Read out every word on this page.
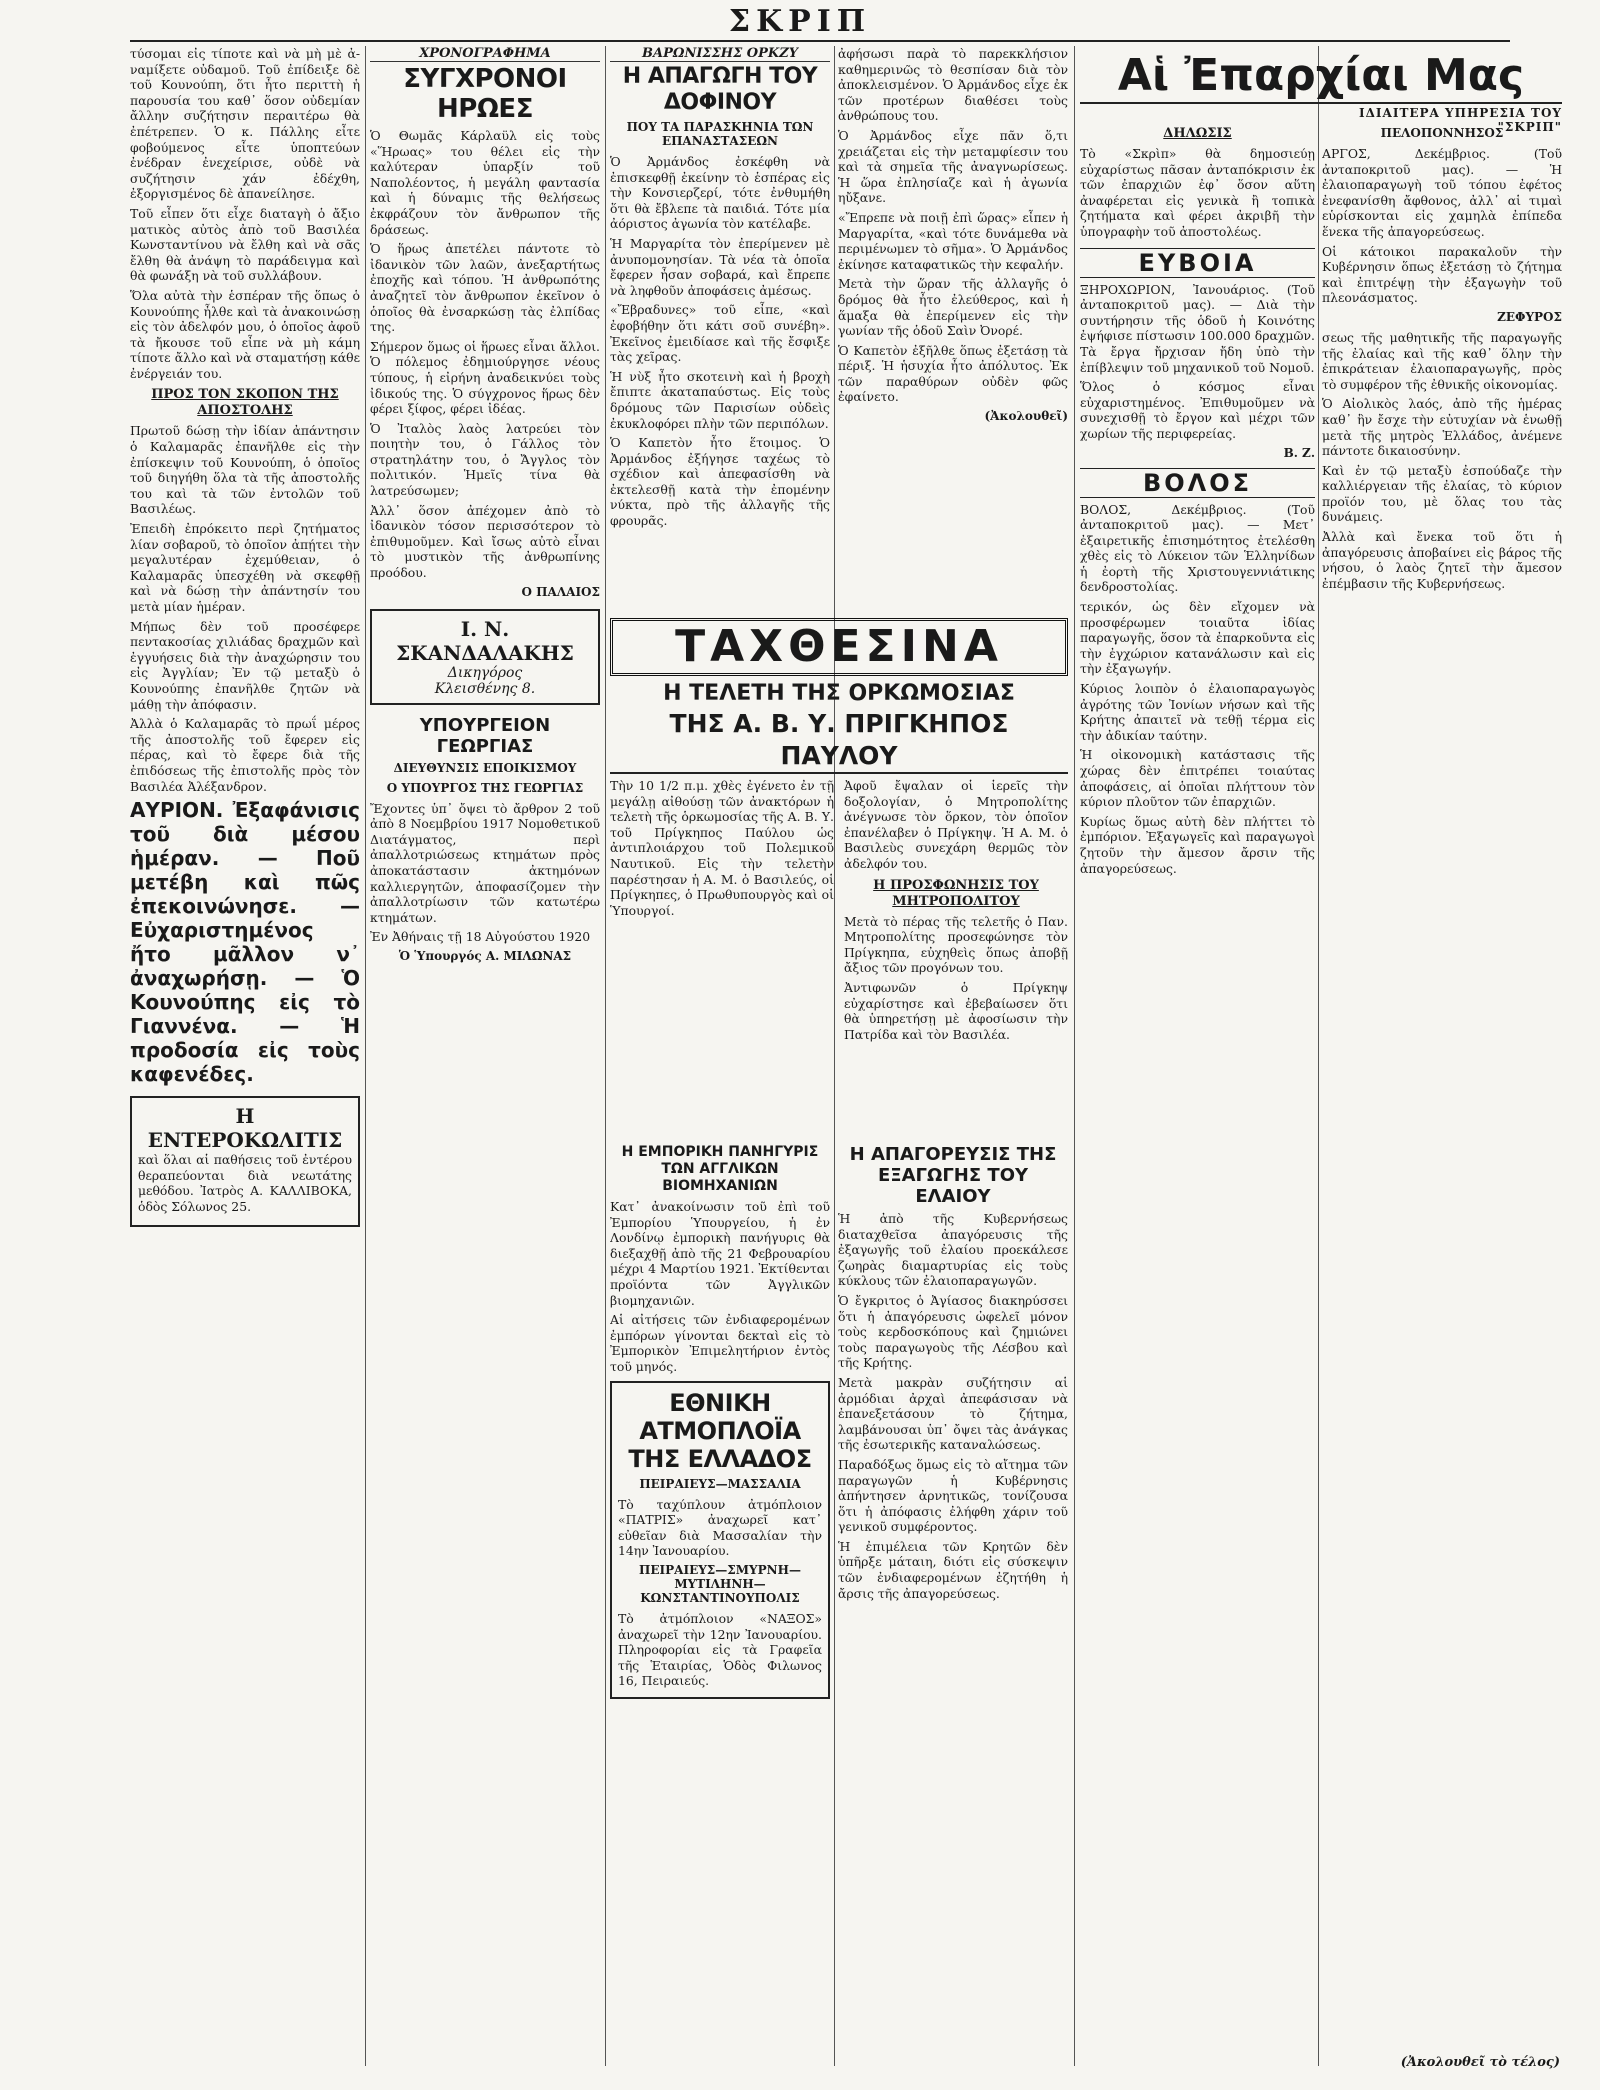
ΣΚΡΙΠ

τύσομαι εἰς τίποτε καὶ νὰ μὴ μὲ ἀ-ναμίξετε οὐδαμοῦ. Τοῦ ἐπίδειξε δὲ τοῦ Κουνούπη, ὅτι ἦτο περιττὴ ἡ παρουσία του καθ᾽ ὅσον οὐδεμίαν ἄλλην συζήτησιν περαιτέρω θὰ ἐπέτρεπεν. Ὁ κ. Πάλλης εἶτε φοβούμενος εἶτε ὑποπτεύων ἐνέδραν ἐνεχείρισε, οὐδὲ νὰ συζήτησιν χάν ἐδέχθη, ἐξοργισμένος δὲ ἀπανείλησε.

Τοῦ εἶπεν ὅτι εἶχε διαταγὴ ὁ ἄξιο ματικὸς αὐτὸς ἀπὸ τοῦ Βασιλέα Κωνσταντίνου νὰ ἔλθη καὶ νὰ σᾶς ἔλθη θὰ ἀνάψη τὸ παράδειγμα καὶ θὰ φωνάξη νὰ τοῦ συλλάβουν.

Ὅλα αὐτὰ τὴν ἑσπέραν τῆς ὅπως ὁ Κουνούπης ἦλθε καὶ τὰ ἀνακοινώσῃ εἰς τὸν ἀδελφόν μου, ὁ ὁποῖος ἀφοῦ τὰ ἤκουσε τοῦ εἶπε νὰ μὴ κάμη τίποτε ἄλλο καὶ νὰ σταματήσῃ κάθε ἐνέργειάν του.

ΠΡΟΣ ΤΟΝ ΣΚΟΠΟΝ ΤΗΣ ΑΠΟΣΤΟΛΗΣ

Πρωτοῦ δώσῃ τὴν ἰδίαν ἀπάντησιν ὁ Καλαμαρᾶς ἐπανῆλθε εἰς τὴν ἐπίσκεψιν τοῦ Κουνούπη, ὁ ὁποῖος τοῦ διηγήθη ὅλα τὰ τῆς ἀποστολῆς του καὶ τὰ τῶν ἐντολῶν τοῦ Βασιλέως.

Ἐπειδὴ ἐπρόκειτο περὶ ζητήματος λίαν σοβαροῦ, τὸ ὁποῖον ἀπῄτει τὴν μεγαλυτέραν ἐχεμύθειαν, ὁ Καλαμαρᾶς ὑπεσχέθη νὰ σκεφθῇ καὶ νὰ δώσῃ τὴν ἀπάντησίν του μετὰ μίαν ἡμέραν.

Μήπως δὲν τοῦ προσέφερε πεντακοσίας χιλιάδας δραχμῶν καὶ ἐγγυήσεις διὰ τὴν ἀναχώρησιν του εἰς Ἀγγλίαν; Ἐν τῷ μεταξὺ ὁ Κουνούπης ἐπανῆλθε ζητῶν νὰ μάθῃ τὴν ἀπόφασιν.

Ἀλλὰ ὁ Καλαμαρᾶς τὸ πρωΐ μέρος τῆς ἀποστολῆς τοῦ ἔφερεν εἰς πέρας, καὶ τὸ ἔφερε διὰ τῆς ἐπιδόσεως τῆς ἐπιστολῆς πρὸς τὸν Βασιλέα Ἀλέξανδρον.

ΑΥΡΙΟΝ. Ἐξαφάνισις τοῦ διὰ μέσου ἡμέραν. — Ποῦ μετέβη καὶ πῶς ἐπεκοινώνησε. — Εὐχαριστημένος ἤτο μᾶλλον ν᾽ ἀναχωρήσῃ. — Ὁ Κουνούπης εἰς τὸ Γιαννένα. — Ἡ προδοσία εἰς τοὺς καφενέδες.

Η ΕΝΤΕΡΟΚΩΛΙΤΙΣ

καὶ ὅλαι αἱ παθήσεις τοῦ ἐντέρου θεραπεύονται διὰ νεωτάτης μεθόδου. Ἰατρὸς Α. ΚΑΛΛΙΒΟΚΑ, ὁδὸς Σόλωνος 25.

ΧΡΟΝΟΓΡΑΦΗΜΑ
ΣΥΓΧΡΟΝΟΙ ΗΡΩΕΣ

Ὁ Θωμᾶς Κάρλαϋλ εἰς τοὺς «Ἥρωας» του θέλει εἰς τὴν καλύτεραν ὑπαρξίν τοῦ Ναπολέοντος, ἡ μεγάλη φαντασία καὶ ἡ δύναμις τῆς θελήσεως ἐκφράζουν τὸν ἄνθρωπον τῆς δράσεως.

Ὁ ἥρως ἀπετέλει πάντοτε τὸ ἰδανικὸν τῶν λαῶν, ἀνεξαρτήτως ἐποχῆς καὶ τόπου. Ἡ ἀνθρωπότης ἀναζητεῖ τὸν ἄνθρωπον ἐκεῖνον ὁ ὁποῖος θὰ ἐνσαρκώσῃ τὰς ἐλπίδας της.

Σήμερον ὅμως οἱ ἥρωες εἶναι ἄλλοι. Ὁ πόλεμος ἐδημιούργησε νέους τύπους, ἡ εἰρήνη ἀναδεικνύει τοὺς ἰδικούς της. Ὁ σύγχρονος ἥρως δὲν φέρει ξίφος, φέρει ἰδέας.

Ὁ Ἰταλὸς λαὸς λατρεύει τὸν ποιητὴν του, ὁ Γάλλος τὸν στρατηλάτην του, ὁ Ἄγγλος τὸν πολιτικόν. Ἡμεῖς τίνα θὰ λατρεύσωμεν;

Ἀλλ᾽ ὅσον ἀπέχομεν ἀπὸ τὸ ἰδανικὸν τόσον περισσότερον τὸ ἐπιθυμοῦμεν. Καὶ ἴσως αὐτὸ εἶναι τὸ μυστικὸν τῆς ἀνθρωπίνης προόδου.

Ο ΠΑΛΑΙΟΣ
Ι. Ν. ΣΚΑΝΔΑΛΑΚΗΣ
Δικηγόρος
Κλεισθένης 8.
ΥΠΟΥΡΓΕΙΟΝ ΓΕΩΡΓΙΑΣ
ΔΙΕΥΘΥΝΣΙΣ ΕΠΟΙΚΙΣΜΟΥ
Ο ΥΠΟΥΡΓΟΣ ΤΗΣ ΓΕΩΡΓΙΑΣ

Ἔχοντες ὑπ᾽ ὄψει τὸ ἄρθρον 2 τοῦ ἀπὸ 8 Νοεμβρίου 1917 Νομοθετικοῦ Διατάγματος, περὶ ἀπαλλοτριώσεως κτημάτων πρὸς ἀποκατάστασιν ἀκτημόνων καλλιεργητῶν, ἀποφασίζομεν τὴν ἀπαλλοτρίωσιν τῶν κατωτέρω κτημάτων.

Ἐν Ἀθήναις τῇ 18 Αὐγούστου 1920

Ὁ Ὑπουργός Α. ΜΙΛΩΝΑΣ
ΒΑΡΩΝΙΣΣΗΣ ΟΡΚΖΥ
Η ΑΠΑΓΩΓΗ ΤΟΥ ΔΟΦΙΝΟΥ
ΠΟΥ ΤΑ ΠΑΡΑΣΚΗΝΙΑ ΤΩΝ ΕΠΑΝΑΣΤΑΣΕΩΝ

Ὁ Ἀρμάνδος ἐσκέφθη νὰ ἐπισκεφθῇ ἐκείνην τὸ ἑσπέρας εἰς τὴν Κονσιερζερί, τότε ἐνθυμήθη ὅτι θὰ ἔβλεπε τὰ παιδιά. Τότε μία ἀόριστος ἀγωνία τὸν κατέλαβε.

Ἡ Μαργαρίτα τὸν ἐπερίμενεν μὲ ἀνυπομονησίαν. Τὰ νέα τὰ ὁποῖα ἔφερεν ἦσαν σοβαρά, καὶ ἔπρεπε νὰ ληφθοῦν ἀποφάσεις ἀμέσως.

«Ἔβραδυνες» τοῦ εἶπε, «καὶ ἐφοβήθην ὅτι κάτι σοῦ συνέβη». Ἐκεῖνος ἐμειδίασε καὶ τῆς ἔσφιξε τὰς χεῖρας.

Ἡ νὺξ ἦτο σκοτεινὴ καὶ ἡ βροχὴ ἔπιπτε ἀκαταπαύστως. Εἰς τοὺς δρόμους τῶν Παρισίων οὐδεὶς ἐκυκλοφόρει πλὴν τῶν περιπόλων.

Ὁ Καπετὸν ἦτο ἕτοιμος. Ὁ Ἀρμάνδος ἐξήγησε ταχέως τὸ σχέδιον καὶ ἀπεφασίσθη νὰ ἐκτελεσθῇ κατὰ τὴν ἐπομένην νύκτα, πρὸ τῆς ἀλλαγῆς τῆς φρουρᾶς.

ἀφήσωσι παρὰ τὸ παρεκκλήσιον καθημερινῶς τὸ θεσπίσαν διὰ τὸν ἀποκλεισμένον. Ὁ Ἀρμάνδος εἶχε ἐκ τῶν προτέρων διαθέσει τοὺς ἀνθρώπους του.

Ὁ Ἀρμάνδος εἶχε πᾶν ὅ,τι χρειάζεται εἰς τὴν μεταμφίεσιν του καὶ τὰ σημεῖα τῆς ἀναγνωρίσεως. Ἡ ὥρα ἐπλησίαζε καὶ ἡ ἀγωνία ηὔξανε.

«Ἔπρεπε νὰ ποιῇ ἐπὶ ὥρας» εἶπεν ἡ Μαργαρίτα, «καὶ τότε δυνάμεθα νὰ περιμένωμεν τὸ σῆμα». Ὁ Ἀρμάνδος ἐκίνησε καταφατικῶς τὴν κεφαλήν.

Μετὰ τὴν ὥραν τῆς ἀλλαγῆς ὁ δρόμος θὰ ἦτο ἐλεύθερος, καὶ ἡ ἅμαξα θὰ ἐπερίμενεν εἰς τὴν γωνίαν τῆς ὁδοῦ Σαὶν Ὀνορέ.

Ὁ Καπετὸν ἐξῆλθε ὅπως ἐξετάσῃ τὰ πέριξ. Ἡ ἡσυχία ἦτο ἀπόλυτος. Ἐκ τῶν παραθύρων οὐδὲν φῶς ἐφαίνετο.

(Ἀκολουθεῖ)
ΤΑΧΘΕΣΙΝΑ
Η ΤΕΛΕΤΗ ΤΗΣ ΟΡΚΩΜΟΣΙΑΣ
ΤΗΣ Α. Β. Υ. ΠΡΙΓΚΗΠΟΣ ΠΑΥΛΟΥ

Τὴν 10 1/2 π.μ. χθὲς ἐγένετο ἐν τῇ μεγάλῃ αἰθούσῃ τῶν ἀνακτόρων ἡ τελετὴ τῆς ὁρκωμοσίας τῆς Α. Β. Υ. τοῦ Πρίγκηπος Παύλου ὡς ἀντιπλοιάρχου τοῦ Πολεμικοῦ Ναυτικοῦ. Εἰς τὴν τελετὴν παρέστησαν ἡ Α. Μ. ὁ Βασιλεύς, οἱ Πρίγκηπες, ὁ Πρωθυπουργὸς καὶ οἱ Ὑπουργοί.

Ἀφοῦ ἔψαλαν οἱ ἱερεῖς τὴν δοξολογίαν, ὁ Μητροπολίτης ἀνέγνωσε τὸν ὅρκον, τὸν ὁποῖον ἐπανέλαβεν ὁ Πρίγκηψ. Ἡ Α. Μ. ὁ Βασιλεὺς συνεχάρη θερμῶς τὸν ἀδελφόν του.

Η ΠΡΟΣΦΩΝΗΣΙΣ ΤΟΥ ΜΗΤΡΟΠΟΛΙΤΟΥ

Μετὰ τὸ πέρας τῆς τελετῆς ὁ Παν. Μητροπολίτης προσεφώνησε τὸν Πρίγκηπα, εὐχηθεὶς ὅπως ἀποβῇ ἄξιος τῶν προγόνων του.

Ἀντιφωνῶν ὁ Πρίγκηψ εὐχαρίστησε καὶ ἐβεβαίωσεν ὅτι θὰ ὑπηρετήσῃ μὲ ἀφοσίωσιν τὴν Πατρίδα καὶ τὸν Βασιλέα.

Η ΕΜΠΟΡΙΚΗ ΠΑΝΗΓΥΡΙΣ ΤΩΝ ΑΓΓΛΙΚΩΝ ΒΙΟΜΗΧΑΝΙΩΝ

Κατ᾽ ἀνακοίνωσιν τοῦ ἐπὶ τοῦ Ἐμπορίου Ὑπουργείου, ἡ ἐν Λονδίνῳ ἐμπορικὴ πανήγυρις θὰ διεξαχθῇ ἀπὸ τῆς 21 Φεβρουαρίου μέχρι 4 Μαρτίου 1921. Ἐκτίθενται προϊόντα τῶν Ἀγγλικῶν βιομηχανιῶν.

Αἱ αἰτήσεις τῶν ἐνδιαφερομένων ἐμπόρων γίνονται δεκταὶ εἰς τὸ Ἐμπορικὸν Ἐπιμελητήριον ἐντὸς τοῦ μηνός.

ΕΘΝΙΚΗ ΑΤΜΟΠΛΟΪΑ ΤΗΣ ΕΛΛΑΔΟΣ
ΠΕΙΡΑΙΕΥΣ—ΜΑΣΣΑΛΙΑ

Τὸ ταχύπλουν ἀτμόπλοιον «ΠΑΤΡΙΣ» ἀναχωρεῖ κατ᾽ εὐθεῖαν διὰ Μασσαλίαν τὴν 14ην Ἰανουαρίου.

ΠΕΙΡΑΙΕΥΣ—ΣΜΥΡΝΗ—ΜΥΤΙΛΗΝΗ—ΚΩΝΣΤΑΝΤΙΝΟΥΠΟΛΙΣ

Τὸ ἀτμόπλοιον «ΝΑΞΟΣ» ἀναχωρεῖ τὴν 12ην Ἰανουαρίου. Πληροφορίαι εἰς τὰ Γραφεῖα τῆς Ἑταιρίας, Ὁδὸς Φιλωνος 16, Πειραιεύς.

Η ΑΠΑΓΟΡΕΥΣΙΣ ΤΗΣ ΕΞΑΓΩΓΗΣ ΤΟΥ ΕΛΑΙΟΥ

Ἡ ἀπὸ τῆς Κυβερνήσεως διαταχθεῖσα ἀπαγόρευσις τῆς ἐξαγωγῆς τοῦ ἐλαίου προεκάλεσε ζωηρὰς διαμαρτυρίας εἰς τοὺς κύκλους τῶν ἐλαιοπαραγωγῶν.

Ὁ ἔγκριτος ὁ Ἀγίασος διακηρύσσει ὅτι ἡ ἀπαγόρευσις ὠφελεῖ μόνον τοὺς κερδοσκόπους καὶ ζημιώνει τοὺς παραγωγοὺς τῆς Λέσβου καὶ τῆς Κρήτης.

Μετὰ μακρὰν συζήτησιν αἱ ἀρμόδιαι ἀρχαὶ ἀπεφάσισαν νὰ ἐπανεξετάσουν τὸ ζήτημα, λαμβάνουσαι ὑπ᾽ ὄψει τὰς ἀνάγκας τῆς ἐσωτερικῆς καταναλώσεως.

Παραδόξως ὅμως εἰς τὸ αἴτημα τῶν παραγωγῶν ἡ Κυβέρνησις ἀπήντησεν ἀρνητικῶς, τονίζουσα ὅτι ἡ ἀπόφασις ἐλήφθη χάριν τοῦ γενικοῦ συμφέροντος.

Ἡ ἐπιμέλεια τῶν Κρητῶν δὲν ὑπῆρξε μάταιη, διότι εἰς σύσκεψιν τῶν ἐνδιαφερομένων ἐζητήθη ἡ ἄρσις τῆς ἀπαγορεύσεως.

Αἱ Ἐπαρχίαι Μας
ΙΔΙΑΙΤΕΡΑ ΥΠΗΡΕΣΙΑ ΤΟΥ "ΣΚΡΙΠ"
ΔΗΛΩΣΙΣ

Τὸ «Σκρὶπ» θὰ δημοσιεύῃ εὐχαρίστως πᾶσαν ἀνταπόκρισιν ἐκ τῶν ἐπαρχιῶν ἐφ᾽ ὅσον αὕτη ἀναφέρεται εἰς γενικὰ ἢ τοπικὰ ζητήματα καὶ φέρει ἀκριβῆ τὴν ὑπογραφὴν τοῦ ἀποστολέως.

ΕΥΒΟΙΑ

ΞΗΡΟΧΩΡΙΟΝ, Ἰανουάριος. (Τοῦ ἀνταποκριτοῦ μας). — Διὰ τὴν συντήρησιν τῆς ὁδοῦ ἡ Κοινότης ἐψήφισε πίστωσιν 100.000 δραχμῶν. Τὰ ἔργα ἤρχισαν ἤδη ὑπὸ τὴν ἐπίβλεψιν τοῦ μηχανικοῦ τοῦ Νομοῦ.

Ὅλος ὁ κόσμος εἶναι εὐχαριστημένος. Ἐπιθυμοῦμεν νὰ συνεχισθῇ τὸ ἔργον καὶ μέχρι τῶν χωρίων τῆς περιφερείας.

Β. Ζ.
ΒΟΛΟΣ

ΒΟΛΟΣ, Δεκέμβριος. (Τοῦ ἀνταποκριτοῦ μας). — Μετ᾽ ἐξαιρετικῆς ἐπισημότητος ἐτελέσθη χθὲς εἰς τὸ Λύκειον τῶν Ἑλληνίδων ἡ ἐορτὴ τῆς Χριστουγεννιάτικης δενδροστολίας.

τερικόν, ὡς δὲν εἴχομεν νὰ προσφέρωμεν τοιαῦτα ἰδίας παραγωγῆς, ὅσον τὰ ἐπαρκοῦντα εἰς τὴν ἐγχώριον κατανάλωσιν καὶ εἰς τὴν ἐξαγωγήν.

Κύριος λοιπὸν ὁ ἐλαιοπαραγωγὸς ἀγρότης τῶν Ἰονίων νήσων καὶ τῆς Κρήτης ἀπαιτεῖ νὰ τεθῇ τέρμα εἰς τὴν ἀδικίαν ταύτην.

Ἡ οἰκονομικὴ κατάστασις τῆς χώρας δὲν ἐπιτρέπει τοιαύτας ἀποφάσεις, αἱ ὁποῖαι πλήττουν τὸν κύριον πλοῦτον τῶν ἐπαρχιῶν.

Κυρίως ὅμως αὐτὴ δὲν πλήττει τὸ ἐμπόριον. Ἐξαγωγεῖς καὶ παραγωγοὶ ζητοῦν τὴν ἄμεσον ἄρσιν τῆς ἀπαγορεύσεως.

ΠΕΛΟΠΟΝΝΗΣΟΣ

ΑΡΓΟΣ, Δεκέμβριος. (Τοῦ ἀνταποκριτοῦ μας). — Ἡ ἐλαιοπαραγωγὴ τοῦ τόπου ἐφέτος ἐνεφανίσθη ἄφθονος, ἀλλ᾽ αἱ τιμαὶ εὑρίσκονται εἰς χαμηλὰ ἐπίπεδα ἕνεκα τῆς ἀπαγορεύσεως.

Οἱ κάτοικοι παρακαλοῦν τὴν Κυβέρνησιν ὅπως ἐξετάσῃ τὸ ζήτημα καὶ ἐπιτρέψῃ τὴν ἐξαγωγὴν τοῦ πλεονάσματος.

ΖΕΦΥΡΟΣ

σεως τῆς μαθητικῆς τῆς παραγωγῆς τῆς ἐλαίας καὶ τῆς καθ᾽ ὅλην τὴν ἐπικράτειαν ἐλαιοπαραγωγῆς, πρὸς τὸ συμφέρον τῆς ἐθνικῆς οἰκονομίας.

Ὁ Αἰολικὸς λαός, ἀπὸ τῆς ἡμέρας καθ᾽ ἣν ἔσχε τὴν εὐτυχίαν νὰ ἑνωθῇ μετὰ τῆς μητρὸς Ἑλλάδος, ἀνέμενε πάντοτε δικαιοσύνην.

Καὶ ἐν τῷ μεταξὺ ἐσπούδαζε τὴν καλλιέργειαν τῆς ἐλαίας, τὸ κύριον προϊόν του, μὲ ὅλας του τὰς δυνάμεις.

Ἀλλὰ καὶ ἔνεκα τοῦ ὅτι ἡ ἀπαγόρευσις ἀποβαίνει εἰς βάρος τῆς νήσου, ὁ λαὸς ζητεῖ τὴν ἄμεσον ἐπέμβασιν τῆς Κυβερνήσεως.

(Ἀκολουθεῖ τὸ τέλος)
